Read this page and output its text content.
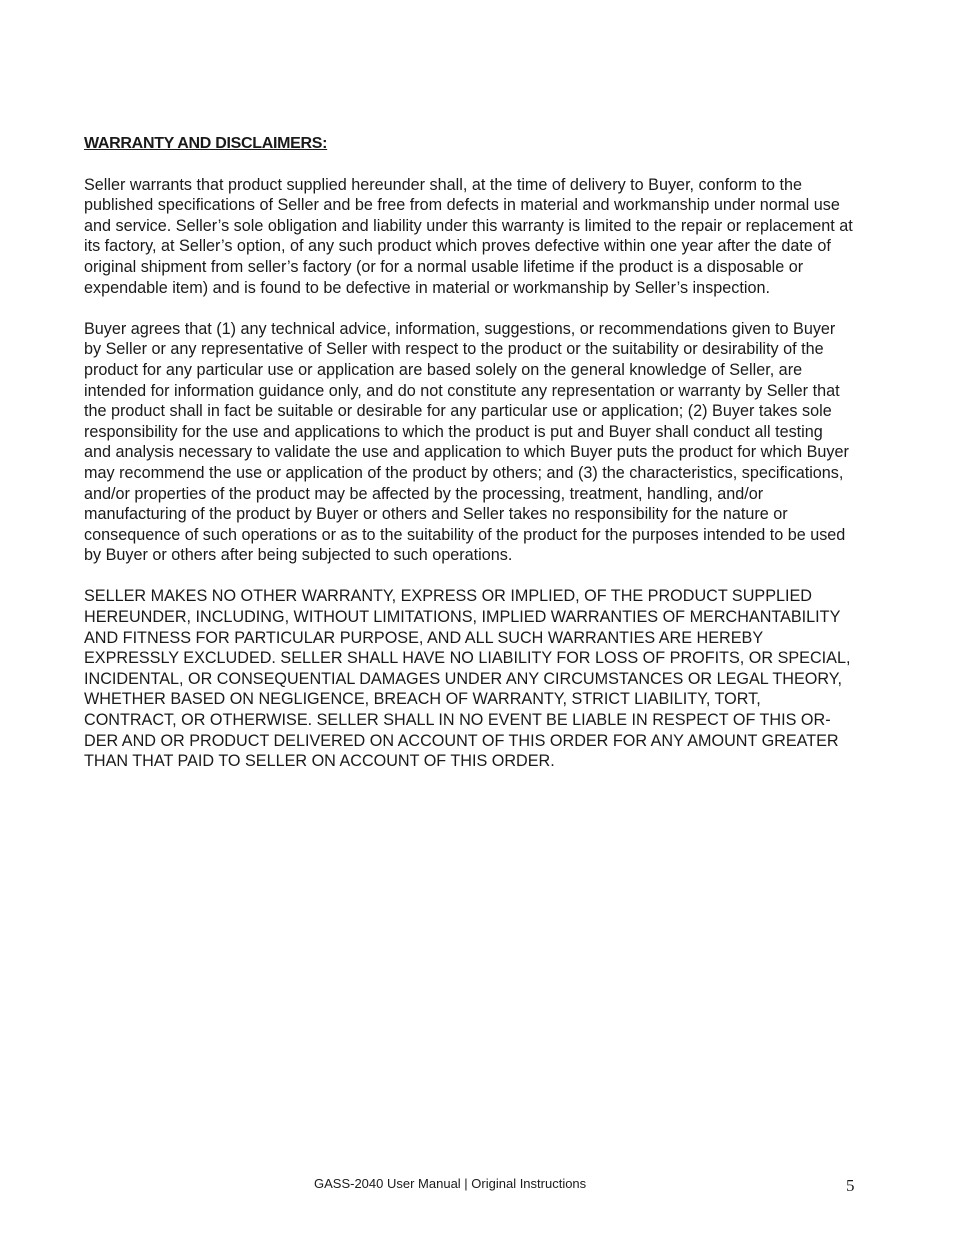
WARRANTY AND DISCLAIMERS:
Seller warrants that product supplied hereunder shall, at the time of delivery to Buyer, conform to the
published specifications of Seller and be free from defects in material and workmanship under normal use
and service. Seller’s sole obligation and liability under this warranty is limited to the repair or replacement at
its factory, at Seller’s option, of any such product which proves defective within one year after the date of
original shipment from seller’s factory (or for a normal usable lifetime if the product is a disposable or
expendable item) and is found to be defective in material or workmanship by Seller’s inspection.
Buyer agrees that (1) any technical advice, information, suggestions, or recommendations given to Buyer
by Seller or any representative of Seller with respect to the product or the suitability or desirability of the
product for any particular use or application are based solely on the general knowledge of Seller, are
intended for information guidance only, and do not constitute any representation or warranty by Seller that
the product shall in fact be suitable or desirable for any particular use or application; (2) Buyer takes sole
responsibility for the use and applications to which the product is put and Buyer shall conduct all testing
and analysis necessary to validate the use and application to which Buyer puts the product for which Buyer
may recommend the use or application of the product by others; and (3) the characteristics, specifications,
and/or properties of the product may be affected by the processing, treatment, handling, and/or
manufacturing of the product by Buyer or others and Seller takes no responsibility for the nature or
consequence of such operations or as to the suitability of the product for the purposes intended to be used
by Buyer or others after being subjected to such operations.
SELLER MAKES NO OTHER WARRANTY, EXPRESS OR IMPLIED, OF THE PRODUCT SUPPLIED
HEREUNDER, INCLUDING, WITHOUT LIMITATIONS, IMPLIED WARRANTIES OF MERCHANTABILITY
AND FITNESS FOR PARTICULAR PURPOSE, AND ALL SUCH WARRANTIES ARE HEREBY
EXPRESSLY EXCLUDED. SELLER SHALL HAVE NO LIABILITY FOR LOSS OF PROFITS, OR SPECIAL,
INCIDENTAL, OR CONSEQUENTIAL DAMAGES UNDER ANY CIRCUMSTANCES OR LEGAL THEORY,
WHETHER BASED ON NEGLIGENCE, BREACH OF WARRANTY, STRICT LIABILITY, TORT,
CONTRACT, OR OTHERWISE. SELLER SHALL IN NO EVENT BE LIABLE IN RESPECT OF THIS OR-
DER AND OR PRODUCT DELIVERED ON ACCOUNT OF THIS ORDER FOR ANY AMOUNT GREATER
THAN THAT PAID TO SELLER ON ACCOUNT OF THIS ORDER.
GASS-2040 User Manual | Original Instructions	5
